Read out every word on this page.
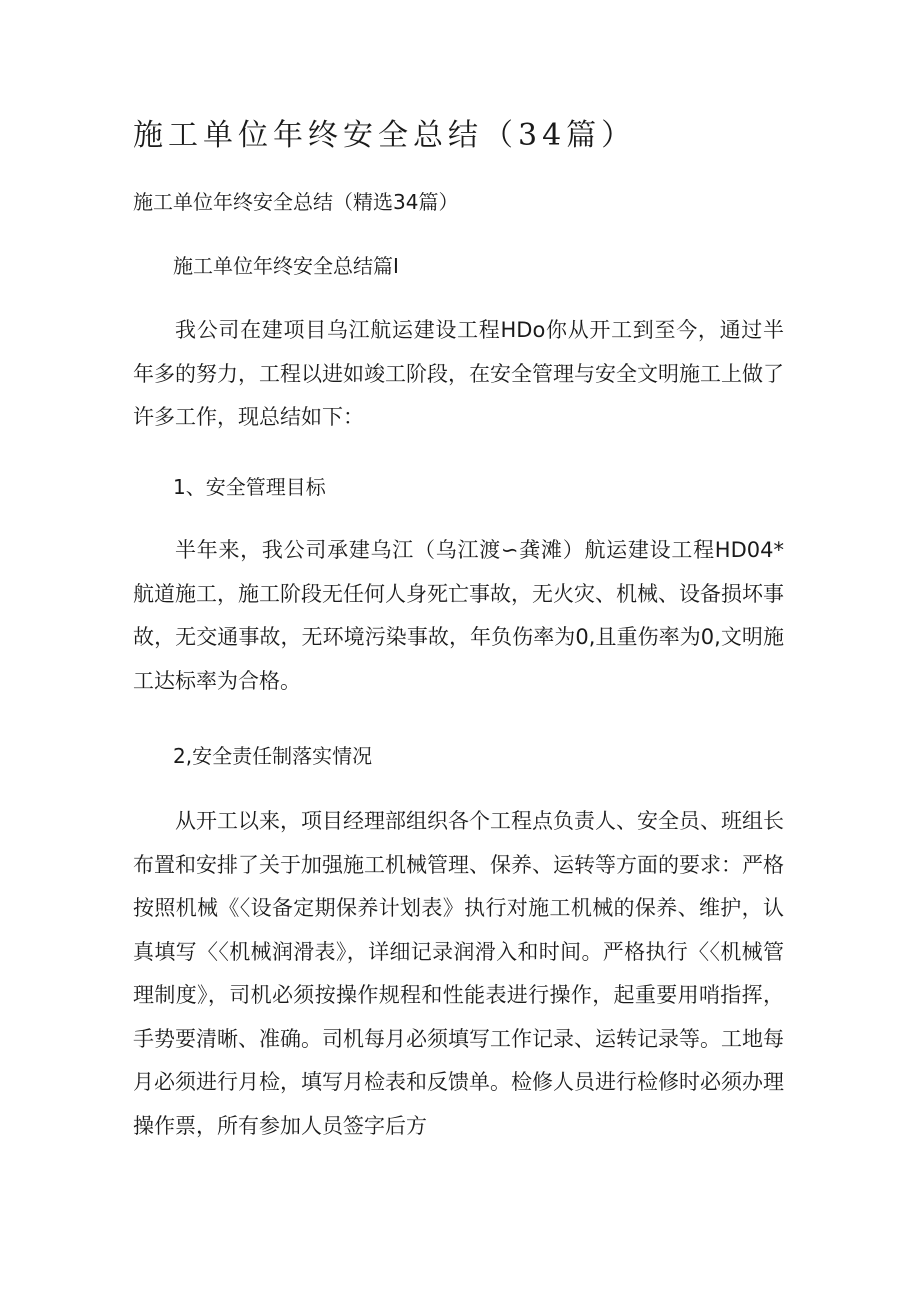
施工单位年终安全总结（34篇）
施工单位年终安全总结（精选34篇）
施工单位年终安全总结篇I

我公司在建项目乌江航运建设工程HDo你从开工到至今，通过半年多的努力，工程以进如竣工阶段，在安全管理与安全文明施工上做了许多工作，现总结如下：

1、安全管理目标

半年来，我公司承建乌江（乌江渡∽龚滩）航运建设工程HD04*航道施工，施工阶段无任何人身死亡事故，无火灾、机械、设备损坏事故，无交通事故，无环境污染事故，年负伤率为0,且重伤率为0,文明施工达标率为合格。

2,安全责任制落实情况

从开工以来，项目经理部组织各个工程点负责人、安全员、班组长布置和安排了关于加强施工机械管理、保养、运转等方面的要求：严格按照机械《〈设备定期保养计划表》执行对施工机械的保养、维护，认真填写〈〈机械润滑表》，详细记录润滑入和时间。严格执行〈〈机械管理制度》，司机必须按操作规程和性能表进行操作，起重要用哨指挥，手势要清晰、准确。司机每月必须填写工作记录、运转记录等。工地每月必须进行月检，填写月检表和反馈单。检修人员进行检修时必须办理操作票，所有参加人员签字后方
